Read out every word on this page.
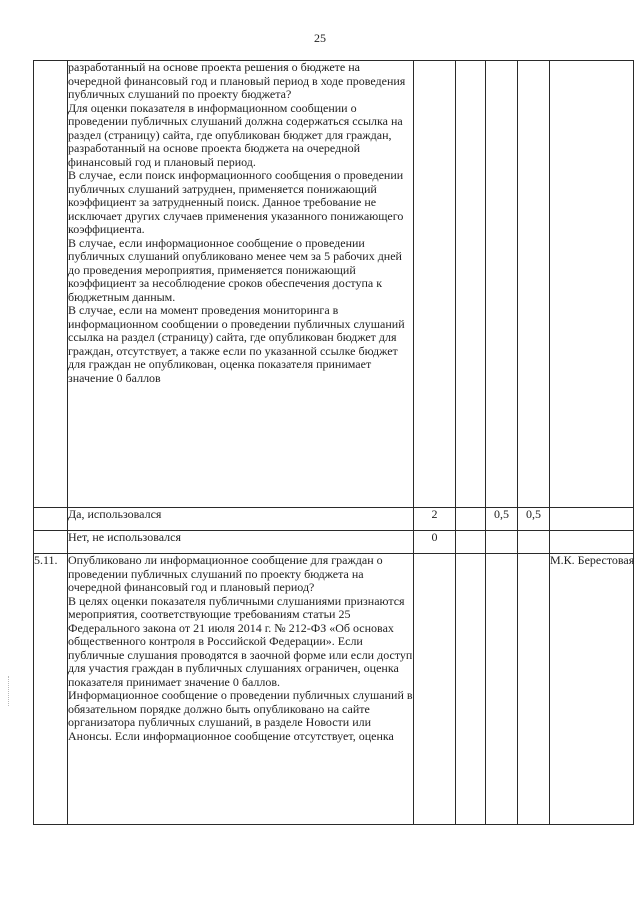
25

	разработанный на основе проекта решения о бюджете на очередной финансовый год и плановый период в ходе проведения публичных слушаний по проекту бюджета?

Для оценки показателя в информационном сообщении о проведении публичных слушаний должна содержаться ссылка на раздел (страницу) сайта, где опубликован бюджет для граждан, разработанный на основе проекта бюджета на очередной финансовый год и плановый период.

В случае, если поиск информационного сообщения о проведении публичных слушаний затруднен, применяется понижающий коэффициент за затрудненный поиск. Данное требование не исключает других случаев применения указанного понижающего коэффициента.

В случае, если информационное сообщение о проведении публичных слушаний опубликовано менее чем за 5 рабочих дней до проведения мероприятия, применяется понижающий коэффициент за несоблюдение сроков обеспечения доступа к бюджетным данным.

В случае, если на момент проведения мониторинга в информационном сообщении о проведении публичных слушаний ссылка на раздел (страницу) сайта, где опубликован бюджет для граждан, отсутствует, а также если по указанной ссылке бюджет для граждан не опубликован, оценка показателя принимает значение 0 баллов					

	Да, использовался	2		0,5	0,5	

	Нет, не использовался	0				
5.11.	Опубликовано ли информационное сообщение для граждан о проведении публичных слушаний по проекту бюджета на очередной финансовый год и плановый период?

В целях оценки показателя публичными слушаниями признаются мероприятия, соответствующие требованиям статьи 25 Федерального закона от 21 июля 2014 г. № 212-ФЗ «Об основах общественного контроля в Российской Федерации». Если публичные слушания проводятся в заочной форме или если доступ для участия граждан в публичных слушаниях ограничен, оценка показателя принимает значение 0 баллов.

Информационное сообщение о проведении публичных слушаний в обязательном порядке должно быть опубликовано на сайте организатора публичных слушаний, в разделе Новости или Анонсы. Если информационное сообщение отсутствует, оценка					М.К. Берестовая
